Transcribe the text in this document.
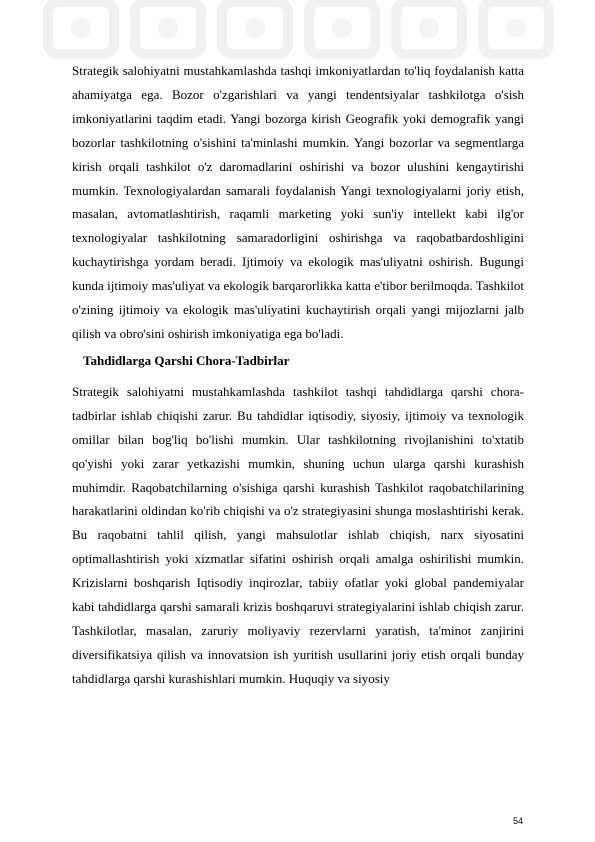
Strategik salohiyatni mustahkamlashda tashqi imkoniyatlardan to'liq foydalanish katta ahamiyatga ega. Bozor o'zgarishlari va yangi tendentsiyalar tashkilotga o'sish imkoniyatlarini taqdim etadi. Yangi bozorga kirish Geografik yoki demografik yangi bozorlar tashkilotning o'sishini ta'minlashi mumkin. Yangi bozorlar va segmentlarga kirish orqali tashkilot o'z daromadlarini oshirishi va bozor ulushini kengaytirishi mumkin. Texnologiyalardan samarali foydalanish Yangi texnologiyalarni joriy etish, masalan, avtomatlashtirish, raqamli marketing yoki sun'iy intellekt kabi ilg'or texnologiyalar tashkilotning samaradorligini oshirishga va raqobatbardoshligini kuchaytirishga yordam beradi. Ijtimoiy va ekologik mas'uliyatni oshirish. Bugungi kunda ijtimoiy mas'uliyat va ekologik barqarorlikka katta e'tibor berilmoqda. Tashkilot o'zining ijtimoiy va ekologik mas'uliyatini kuchaytirish orqali yangi mijozlarni jalb qilish va obro'sini oshirish imkoniyatiga ega bo'ladi.

Tahdidlarga Qarshi Chora-Tadbirlar

Strategik salohiyatni mustahkamlashda tashkilot tashqi tahdidlarga qarshi chora-tadbirlar ishlab chiqishi zarur. Bu tahdidlar iqtisodiy, siyosiy, ijtimoiy va texnologik omillar bilan bog'liq bo'lishi mumkin. Ular tashkilotning rivojlanishini to'xtatib qo'yishi yoki zarar yetkazishi mumkin, shuning uchun ularga qarshi kurashish muhimdir. Raqobatchilarning o'sishiga qarshi kurashish Tashkilot raqobatchilarining harakatlarini oldindan ko'rib chiqishi va o'z strategiyasini shunga moslashtirishi kerak. Bu raqobatni tahlil qilish, yangi mahsulotlar ishlab chiqish, narx siyosatini optimallashtirish yoki xizmatlar sifatini oshirish orqali amalga oshirilishi mumkin. Krizislarni boshqarish Iqtisodiy inqirozlar, tabiiy ofatlar yoki global pandemiyalar kabi tahdidlarga qarshi samarali krizis boshqaruvi strategiyalarini ishlab chiqish zarur. Tashkilotlar, masalan, zaruriy moliyaviy rezervlarni yaratish, ta'minot zanjirini diversifikatsiya qilish va innovatsion ish yuritish usullarini joriy etish orqali bunday tahdidlarga qarshi kurashishlari mumkin. Huquqiy va siyosiy

54
